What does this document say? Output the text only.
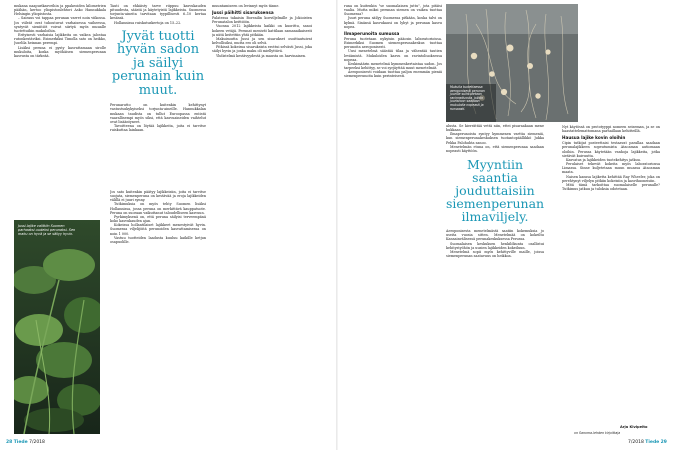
mukana naapurikasveihin ja ppakeoiden kilometrien päähän, kertoo yliopistonlehtori Asko Hannukkala Helsingin yliopistosta.

– Sairaus voi tappaa perunan varret noin viikossa. Jos viileät ovat tuhoutuvat varhaisessa vaiheessa, syntyvät sieniitiöt voivat siirtyä myös muualle tuotettuihin mukuloihin.

Erityisesti varhaisia lajikkeita on vaikea jalostaa rutonkestäviksi. Esimerkiksi Timolla sato on heikko, Juselila heinnan perempi.

Lisäksi peruna ei pysty kasvattamaan sirolle mukuloita, koska myöhäisen siemenperunan kasvusta on tärkeää.

Jussi-lajike valittiin Suomen parhaaksi uudeksi perunaksi. Sen maku on hyvä ja se säilyy hyvin.

Tauti on ehkäisty tarve riippuu kasvukauden pituudesta, säästä ja käytetyistä lajikkeista. Suomessa torjunta-aineita tarvitaan tyypillisesti 6–10 kertaa kesässä.

Hollannissa ruiskutuskertoja on 15–22.

Jyvät tuotti hyvän sadon ja säilyi perunain kuin muut.

Perunarutto on kuitenkin kehittynyt vastustuskykyiseksi torjunta-aineille. Hannukkalan mukaan taudista on tullut Euroopassa entistä vaarallisempi myös siksi, että kasvuaineiden vaihtelut ovat lisääntyneet.

Tavoitteena on löytää lajikkeita, joita ei tarvitse ruiskuttaa lainkaan.

Jos sato kuitenkin päätyy lajikkeisiin, joita ei tarvitse suojata, siemenperuna on kestävää ja eroja lajikkeiden välillä ei juuri synny.

Tutkimuksia on myös tehty Suomen lisäksi Hollannissa, jossa peruna on merkittävä kauppatuote. Peruna on suoraan vaikuttanut taloudelliseen kasvuun.

Pyrkimyksenä on, että peruna säilyisi terveempänä koko kasvukauden ajan.

Kokeissa hollantilaiset lajikkeet menestyivät hyvin. Suomessa viljelijöitä perunoiden kasvattamisessa on noin 1 000.

Vastuu tuotteiden laadusta kuuluu kaikille ketjun osapuolille.

muuntamiseen on levinnyt myös tänne.

Jussi päihitti sisaruksensa

Palatessa takaisin Boreailin koeviljelmille ja Jokioisten Perunatalon keittiöön.

Vuonna 2012 lajikkeista kaikki on kuorittu, sanoi kokeen vetäjä. Perunat menivät kattilaan samanaikaisesti ja niitä keitettiin yhtä pitkään.

Makuisuutta Jussi ja sen sisarukset osoittautuivat kelvollisiksi, mutta ero oli selvä.

Pitkissä kokeissa sisaruksista erottui selvästi Jussi, joka säilyi hyvin ja jonka maku oli miellyttävä.

Yhdistelmä kestävyydestä ja mausta on harvinainen.

runa on kuitenkin "se suomalainen juttu", jota pitäisi vaalia. Mutta miksi perunan siemen on vaikea tuottaa Suomessa?

Juuri peruna säilyy Suomessa pitkään, koska talvi on kylmä. Sinänsä kasvukausi on lyhyt ja perunan kasvu nopea.

Ilmaperunoita sumussa

Peruna tuotetaan nykyisin pääosin laboratorioissa. Esimerkiksi Suomen siemenperunakeskus tuottaa perunoita aeroponisesti.

Uusi menetelmä säästää tilaa ja vähentää tautien leviämistä. Mukuloiden kasvu on ravintoliuoksessa nopeaa.

Keskimäärin menetelmä kymmenkertaistaa sadon. Jos tarpeeksi kehittyy, se voi syrjäyttää muut menetelmät.

Aeroponisesti voidaan tuottaa paljon enemmän pieniä siemenperunoita kuin perinteisesti.

Mukulia tuotettaessa aeroponisesti perunan juurille suihkutetaan ravinneliuosta, jolloin juuristoon saadaan mukuloita nopeasti ja runsaasti.

alusta. Se kierrättää vettä niin, ettei pisaraakaan mene hukkaan.

Ilmaperunoista syntyy kymmenen varttia siemeniä, kun siemenperunakeskuksen tuotantopäällikkö Jukka Pekka Palohuhta sanoo.

Menetelmän etuna on, että siemenperunaa saadaan nopeasti käyttöön.

Myyntiin saantia jouduttaisiin siemenperunan ilmaviljely.

Aeroponisesta menetelmästä saatiin kokemuksia jo useita vuosia sitten. Menetelmää on kokeiltu Kansainvälisessä perunakeskuksessa Perussa.

Suomalaisen keskuksen henkilökunta osallistui kehitystyöhön ja uusien lajikkeiden kokeiluun.

Menetelmä sopii myös kehittyville maille, joissa siemenperunan saatavuus on heikkoa.

Nyt käytössä on prototyyppi nomeen seiseman, ja se on haastattelemattomana parhaillaan kehitteillä.

Hausua lajike kovin oloihin

Cipin tutkijat posteettaisi testaavat parallaa saadaan perunalajikkeen sopeutumista Atacaman autiomaan oloihin. Perussa käytetään vanhoja lajikkeita, jotka sietävät kuivuutta.

Kasvatus ja lajikkeiden tuotekehitys jatkuu.

Perulaiset tekevät kokeita myös laboratoriossa Limassa. Sinne kuljetetaan muun muassa Atacaman maata.

Naisen kanssa lajiketta kehittää Ray Wheeler, joka on perehtynyt viljelyn pitkiin kokeisiin ja kasvihuoneisiin.

Mitä tämä tarkoittaa suomalaiselle perunalle? Tutkimus jatkuu ja tuloksia odotetaan.

Arja Kivipelto
on Sanoma-lehden kirjoittaja
28 Tiede 7/2018	7/2018 Tiede 29
